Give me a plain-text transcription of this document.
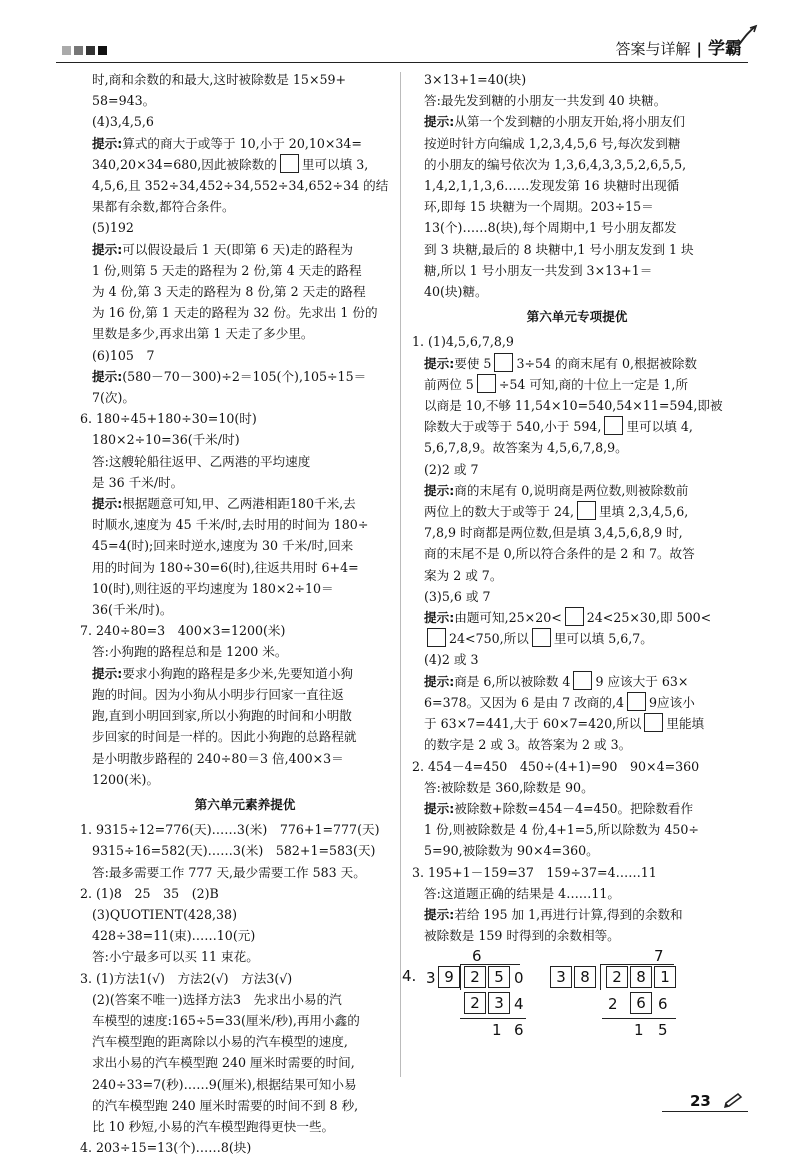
答案与详解 | 学霸
时,商和余数的和最大,这时被除数是 15×59+
58=943。
(4)3,4,5,6
提示:算式的商大于或等于 10,小于 20,10×34=
340,20×34=680,因此被除数的 里可以填 3,
4,5,6,且 352÷34,452÷34,552÷34,652÷34 的结
果都有余数,都符合条件。
(5)192
提示:可以假设最后 1 天(即第 6 天)走的路程为
1 份,则第 5 天走的路程为 2 份,第 4 天走的路程
为 4 份,第 3 天走的路程为 8 份,第 2 天走的路程
为 16 份,第 1 天走的路程为 32 份。先求出 1 份的
里数是多少,再求出第 1 天走了多少里。
(6)105　7
提示:(580－70－300)÷2＝105(个),105÷15＝
7(次)。
6. 180÷45+180÷30=10(时)
180×2÷10=36(千米/时)
答:这艘轮船往返甲、乙两港的平均速度
是 36 千米/时。
提示:根据题意可知,甲、乙两港相距180千米,去
时顺水,速度为 45 千米/时,去时用的时间为 180÷
45=4(时);回来时逆水,速度为 30 千米/时,回来
用的时间为 180÷30=6(时),往返共用时 6+4=
10(时),则往返的平均速度为 180×2÷10＝
36(千米/时)。
7. 240÷80=3　400×3=1200(米)
答:小狗跑的路程总和是 1200 米。
提示:要求小狗跑的路程是多少米,先要知道小狗
跑的时间。因为小狗从小明步行回家一直往返
跑,直到小明回到家,所以小狗跑的时间和小明散
步回家的时间是一样的。因此小狗跑的总路程就
是小明散步路程的 240÷80＝3 倍,400×3＝
1200(米)。
第六单元素养提优
1. 9315÷12=776(天)……3(米)　776+1=777(天)
9315÷16=582(天)……3(米)　582+1=583(天)
答:最多需要工作 777 天,最少需要工作 583 天。
2. (1)8　25　35　(2)B
(3)QUOTIENT(428,38)
428÷38=11(束)……10(元)
答:小宁最多可以买 11 束花。
3. (1)方法1(√)　方法2(√)　方法3(√)
(2)(答案不唯一)选择方法3　先求出小易的汽
车模型的速度:165÷5=33(厘米/秒),再用小鑫的
汽车模型跑的距离除以小易的汽车模型的速度,
求出小易的汽车模型跑 240 厘米时需要的时间,
240÷33=7(秒)……9(厘米),根据结果可知小易
的汽车模型跑 240 厘米时需要的时间不到 8 秒,
比 10 秒短,小易的汽车模型跑得更快一些。
4. 203÷15=13(个)……8(块)
3×13+1=40(块)
答:最先发到糖的小朋友一共发到 40 块糖。
提示:从第一个发到糖的小朋友开始,将小朋友们
按逆时针方向编成 1,2,3,4,5,6 号,每次发到糖
的小朋友的编号依次为 1,3,6,4,3,3,5,2,6,5,5,
1,4,2,1,1,3,6……发现发第 16 块糖时出现循
环,即每 15 块糖为一个周期。203÷15＝
13(个)……8(块),每个周期中,1 号小朋友都发
到 3 块糖,最后的 8 块糖中,1 号小朋友发到 1 块
糖,所以 1 号小朋友一共发到 3×13+1＝
40(块)糖。
第六单元专项提优
1. (1)4,5,6,7,8,9
提示:要使 5 3÷54 的商末尾有 0,根据被除数
前两位 5 ÷54 可知,商的十位上一定是 1,所
以商是 10,不够 11,54×10=540,54×11=594,即被
除数大于或等于 540,小于 594, 里可以填 4,
5,6,7,8,9。故答案为 4,5,6,7,8,9。
(2)2 或 7
提示:商的末尾有 0,说明商是两位数,则被除数前
两位上的数大于或等于 24, 里填 2,3,4,5,6,
7,8,9 时商都是两位数,但是填 3,4,5,6,8,9 时,
商的末尾不是 0,所以符合条件的是 2 和 7。故答
案为 2 或 7。
(3)5,6 或 7
提示:由题可知,25×20< 24<25×30,即 500<
24<750,所以 里可以填 5,6,7。
(4)2 或 3
提示:商是 6,所以被除数 4 9 应该大于 63×
6=378。又因为 6 是由 7 改商的,4 9应该小
于 63×7=441,大于 60×7=420,所以 里能填
的数字是 2 或 3。故答案为 2 或 3。
2. 454－4=450　450÷(4+1)=90　90×4=360
答:被除数是 360,除数是 90。
提示:被除数+除数=454－4=450。把除数看作
1 份,则被除数是 4 份,4+1=5,所以除数为 450÷
5=90,被除数为 90×4=360。
3. 195+1－159=37　159÷37=4……11
答:这道题正确的结果是 4……11。
提示:若给 195 加 1,再进行计算,得到的余数和
被除数是 159 时得到的余数相等。
4.
6
3 9	2 5 0
2 3 4
1 6
7
3 8	2 8 1
2	6 6
1 5
23
